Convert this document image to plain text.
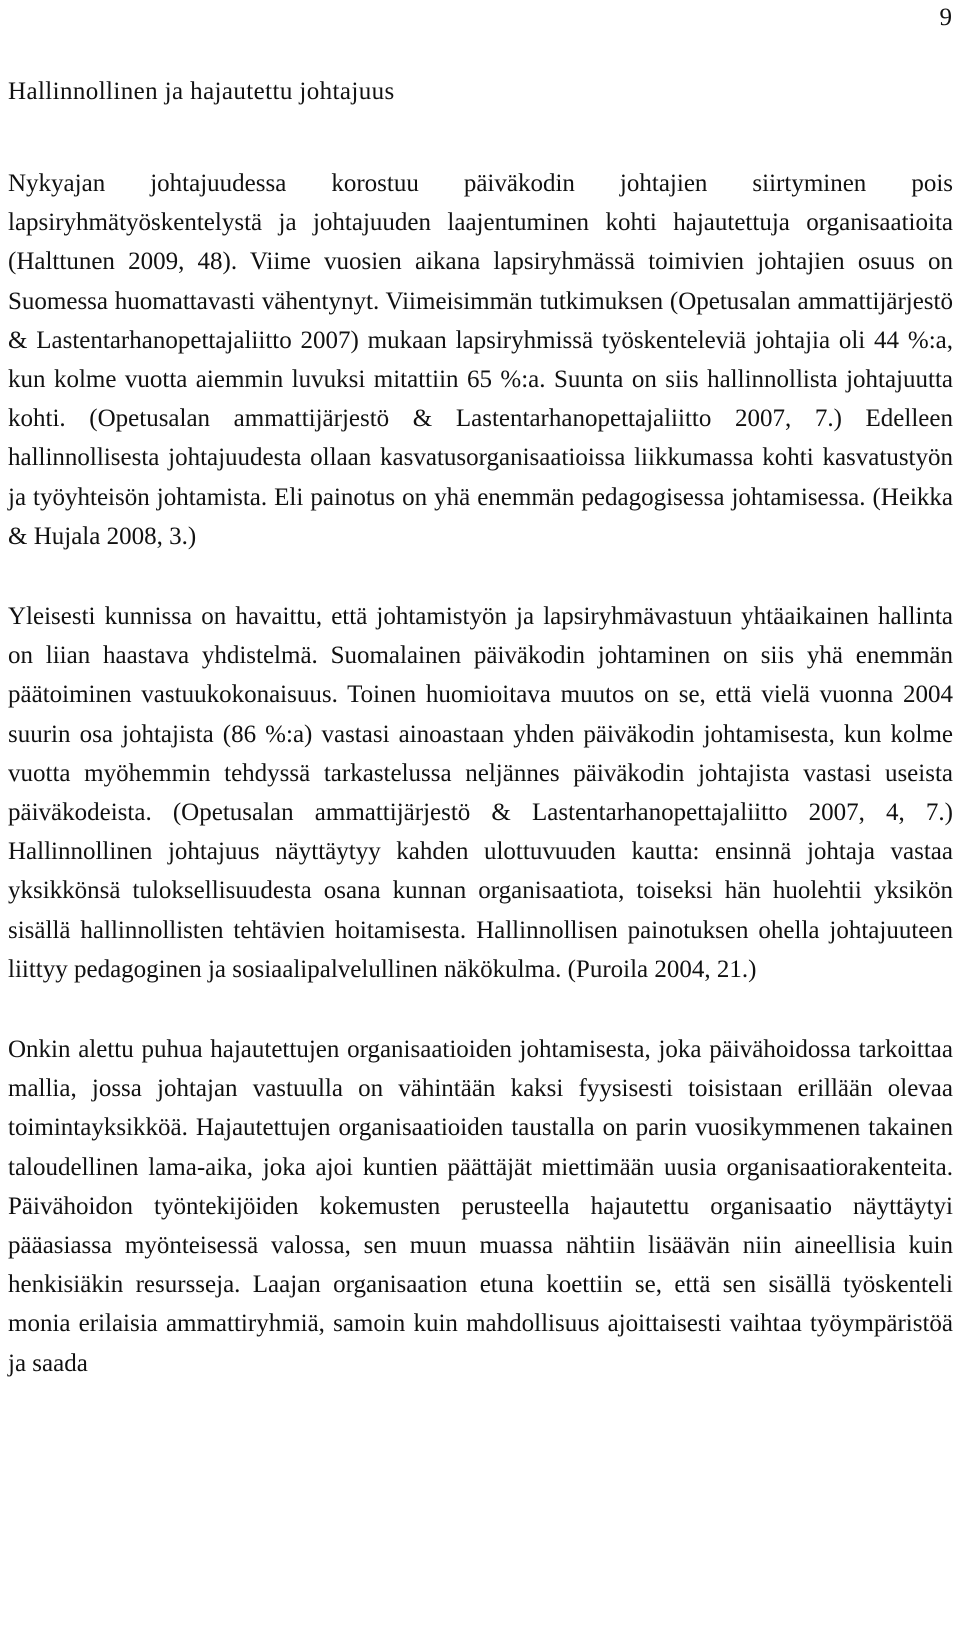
9
Hallinnollinen ja hajautettu johtajuus

Nykyajan johtajuudessa korostuu päiväkodin johtajien siirtyminen pois lapsiryhmätyöskentelystä ja johtajuuden laajentuminen kohti hajautettuja organisaatioita (Halttunen 2009, 48). Viime vuosien aikana lapsiryhmässä toimivien johtajien osuus on Suomessa huomattavasti vähentynyt. Viimeisimmän tutkimuksen (Opetusalan ammattijärjestö & Lastentarhanopettajaliitto 2007) mukaan lapsiryhmissä työskenteleviä johtajia oli 44 %:a, kun kolme vuotta aiemmin luvuksi mitattiin 65 %:a. Suunta on siis hallinnollista johtajuutta kohti. (Opetusalan ammattijärjestö & Lastentarhanopettajaliitto 2007, 7.) Edelleen hallinnollisesta johtajuudesta ollaan kasvatusorganisaatioissa liikkumassa kohti kasvatustyön ja työyhteisön johtamista. Eli painotus on yhä enemmän pedagogisessa johtamisessa. (Heikka & Hujala 2008, 3.)

Yleisesti kunnissa on havaittu, että johtamistyön ja lapsiryhmävastuun yhtäaikainen hallinta on liian haastava yhdistelmä. Suomalainen päiväkodin johtaminen on siis yhä enemmän päätoiminen vastuukokonaisuus. Toinen huomioitava muutos on se, että vielä vuonna 2004 suurin osa johtajista (86 %:a) vastasi ainoastaan yhden päiväkodin johtamisesta, kun kolme vuotta myöhemmin tehdyssä tarkastelussa neljännes päiväkodin johtajista vastasi useista päiväkodeista. (Opetusalan ammattijärjestö & Lastentarhanopettajaliitto 2007, 4, 7.) Hallinnollinen johtajuus näyttäytyy kahden ulottuvuuden kautta: ensinnä johtaja vastaa yksikkönsä tuloksellisuudesta osana kunnan organisaatiota, toiseksi hän huolehtii yksikön sisällä hallinnollisten tehtävien hoitamisesta. Hallinnollisen painotuksen ohella johtajuuteen liittyy pedagoginen ja sosiaalipalvelullinen näkökulma. (Puroila 2004, 21.)

Onkin alettu puhua hajautettujen organisaatioiden johtamisesta, joka päivähoidossa tarkoittaa mallia, jossa johtajan vastuulla on vähintään kaksi fyysisesti toisistaan erillään olevaa toimintayksikköä. Hajautettujen organisaatioiden taustalla on parin vuosikymmenen takainen taloudellinen lama-aika, joka ajoi kuntien päättäjät miettimään uusia organisaatiorakenteita. Päivähoidon työntekijöiden kokemusten perusteella hajautettu organisaatio näyttäytyi pääasiassa myönteisessä valossa, sen muun muassa nähtiin lisäävän niin aineellisia kuin henkisiäkin resursseja. Laajan organisaation etuna koettiin se, että sen sisällä työskenteli monia erilaisia ammattiryhmiä, samoin kuin mahdollisuus ajoittaisesti vaihtaa työympäristöä ja saada
